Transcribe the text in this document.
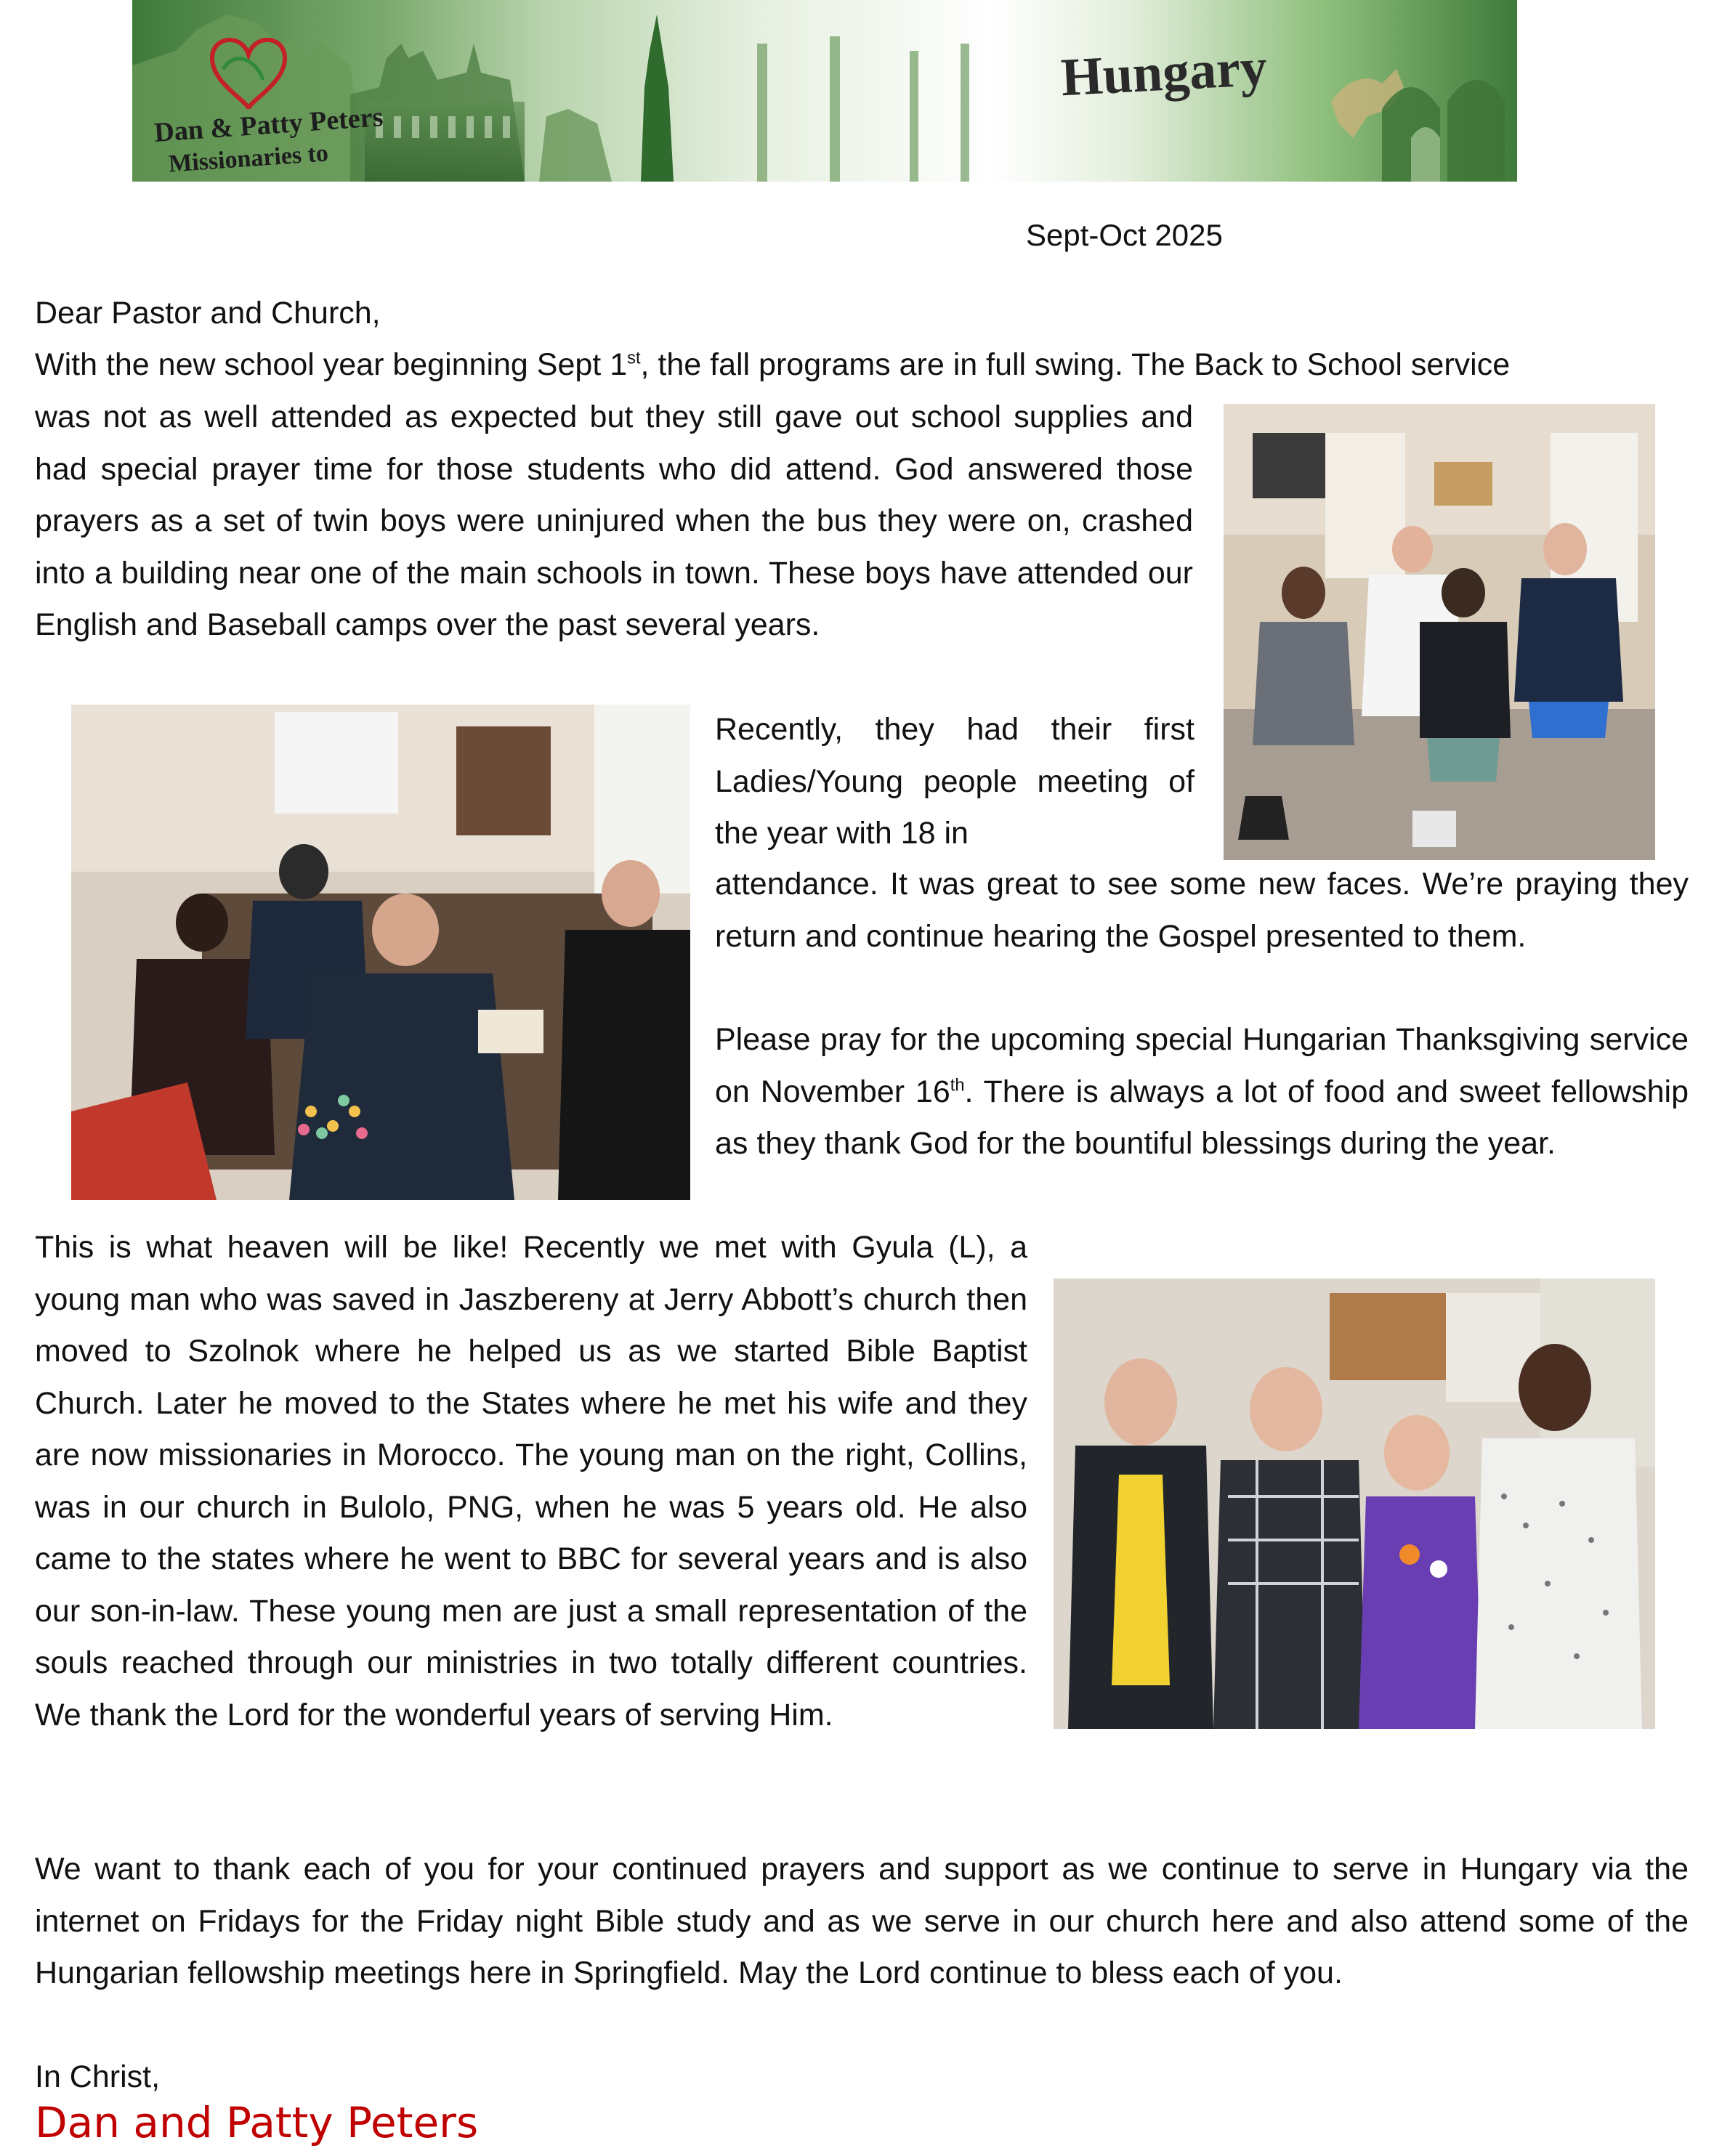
Hungary
Dan & Patty Peters
Missionaries to
Sept-Oct 2025
Dear Pastor and Church,
With the new school year beginning Sept 1st, the fall programs are in full swing. The Back to School service
was not as well attended as expected but they still gave out school supplies and had special prayer time for those students who did attend. God answered those prayers as a set of twin boys were uninjured when the bus they were on, crashed into a building near one of the main schools in town. These boys have attended our English and Baseball camps over the past several years.
Recently, they had their first Ladies/Young people meeting of the year with 18 in
attendance. It was great to see some new faces. We’re praying they return and continue hearing the Gospel presented to them.
Please pray for the upcoming special Hungarian Thanksgiving service on November 16th. There is always a lot of food and sweet fellowship as they thank God for the bountiful blessings during the year.
This is what heaven will be like! Recently we met with Gyula (L), a young man who was saved in Jaszbereny at Jerry Abbott’s church then moved to Szolnok where he helped us as we started Bible Baptist Church. Later he moved to the States where he met his wife and they are now missionaries in Morocco. The young man on the right, Collins, was in our church in Bulolo, PNG, when he was 5 years old. He also came to the states where he went to BBC for several years and is also our son-in-law. These young men are just a small representation of the souls reached through our ministries in two totally different countries. We thank the Lord for the wonderful years of serving Him.
We want to thank each of you for your continued prayers and support as we continue to serve in Hungary via the internet on Fridays for the Friday night Bible study and as we serve in our church here and also attend some of the Hungarian fellowship meetings here in Springfield. May the Lord continue to bless each of you.
In Christ,
Dan and Patty Peters
